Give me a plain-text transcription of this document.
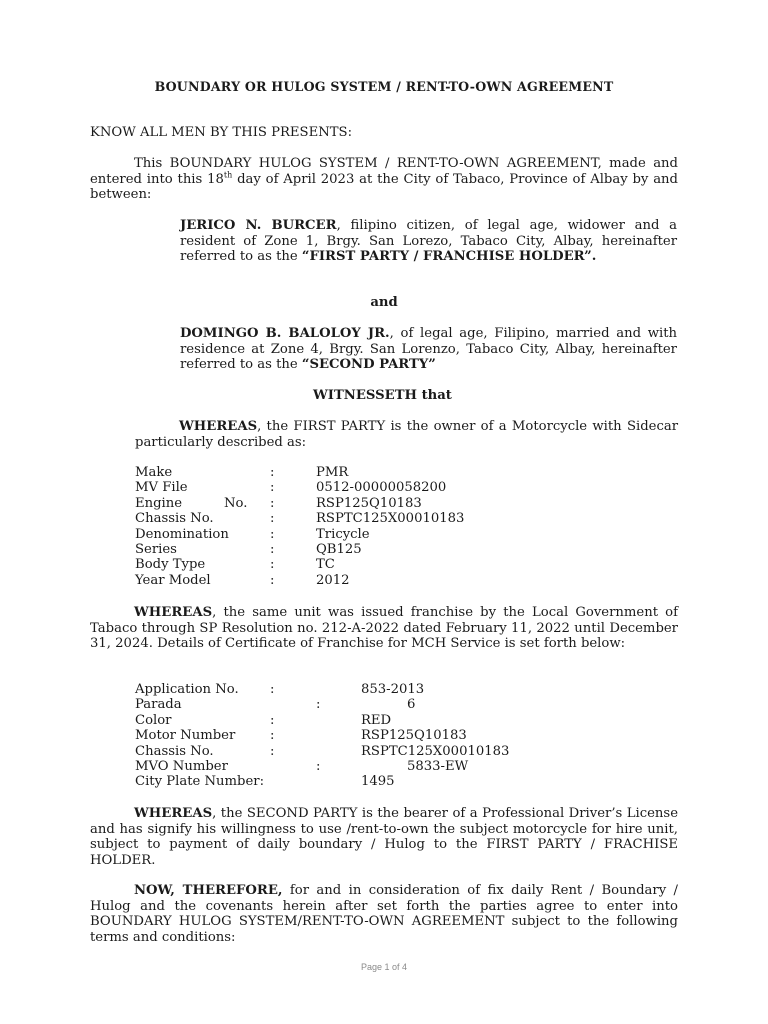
BOUNDARY OR HULOG SYSTEM / RENT-TO-OWN AGREEMENT

KNOW ALL MEN BY THIS PRESENTS:

This BOUNDARY HULOG SYSTEM / RENT-TO-OWN AGREEMENT, made and entered into this 18th day of April 2023 at the City of Tabaco, Province of Albay by and between:

JERICO N. BURCER, filipino citizen, of legal age, widower and a resident of Zone 1, Brgy. San Lorezo, Tabaco City, Albay, hereinafter referred to as the “FIRST PARTY / FRANCHISE HOLDER”.

and

DOMINGO B. BALOLOY JR., of legal age, Filipino, married and with residence at Zone 4, Brgy. San Lorenzo, Tabaco City, Albay, hereinafter referred to as the “SECOND PARTY”

WITNESSETH that

WHEREAS, the FIRST PARTY is the owner of a Motorcycle with Sidecar particularly described as:

Make	:	PMR
MV File	:	0512-00000058200
Engine          No. :	RSP125Q10183
Chassis No.	:	RSPTC125X00010183
Denomination	:	Tricycle
Series	:	QB125
Body Type	:	TC
Year Model	:	2012

WHEREAS, the same unit was issued franchise by the Local Government of Tabaco through SP Resolution no. 212-A-2022 dated February 11, 2022 until December 31, 2024. Details of Certificate of Franchise for MCH Service is set forth below:

Application No. :	853-2013
Parada	:	6
Color	:	RED
Motor Number	:	RSP125Q10183
Chassis No.	:	RSPTC125X00010183
MVO Number	:	5833-EW
City Plate Number:	1495

WHEREAS, the SECOND PARTY is the bearer of a Professional Driver’s License and has signify his willingness to use /rent-to-own the subject motorcycle for hire unit, subject to payment of daily boundary / Hulog to the FIRST PARTY / FRACHISE HOLDER.

NOW, THEREFORE, for and in consideration of fix daily Rent / Boundary / Hulog and the covenants herein after set forth the parties agree to enter into BOUNDARY HULOG SYSTEM/RENT-TO-OWN AGREEMENT subject to the following terms and conditions:

Page 1 of 4
